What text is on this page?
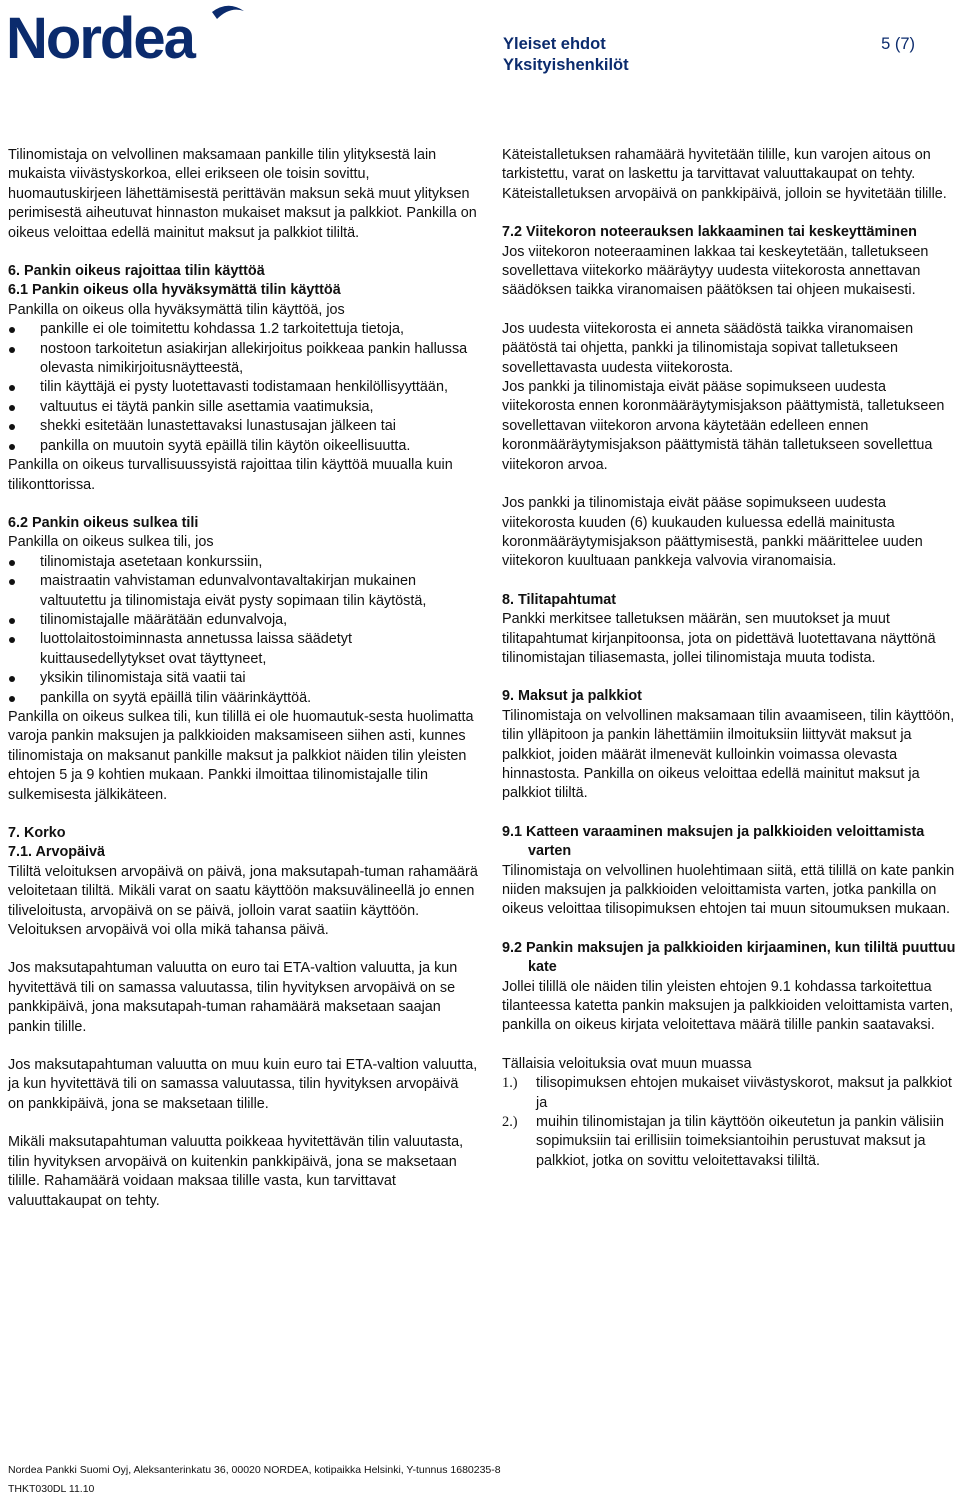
Nordea	Yleiset ehdot	5 (7)
Yksityishenkilöt

Tilinomistaja on velvollinen maksamaan pankille tilin ylityksestä lain mukaista viivästyskorkoa, ellei erikseen ole toisin sovittu, huomautuskirjeen lähettämisestä perittävän maksun sekä muut ylityksen perimisestä aiheutuvat hinnaston mukaiset maksut ja palkkiot. Pankilla on oikeus veloittaa edellä mainitut maksut ja palkkiot tililtä.

6. Pankin oikeus rajoittaa tilin käyttöä

6.1 Pankin oikeus olla hyväksymättä tilin käyttöä

Pankilla on oikeus olla hyväksymättä tilin käyttöä, jos

pankille ei ole toimitettu kohdassa 1.2 tarkoitettuja tietoja,
nostoon tarkoitetun asiakirjan allekirjoitus poikkeaa pankin hallussa olevasta nimikirjoitusnäytteestä,
tilin käyttäjä ei pysty luotettavasti todistamaan henkilöllisyyttään,
valtuutus ei täytä pankin sille asettamia vaatimuksia,
shekki esitetään lunastettavaksi lunastusajan jälkeen tai
pankilla on muutoin syytä epäillä tilin käytön oikeellisuutta.

Pankilla on oikeus turvallisuussyistä rajoittaa tilin käyttöä muualla kuin tilikonttorissa.

6.2 Pankin oikeus sulkea tili

Pankilla on oikeus sulkea tili, jos

tilinomistaja asetetaan konkurssiin,
maistraatin vahvistaman edunvalvontavaltakirjan mukainen valtuutettu ja tilinomistaja eivät pysty sopimaan tilin käytöstä,
tilinomistajalle määrätään edunvalvoja,
luottolaitostoiminnasta annetussa laissa säädetyt kuittausedellytykset ovat täyttyneet,
yksikin tilinomistaja sitä vaatii tai
pankilla on syytä epäillä tilin väärinkäyttöä.

Pankilla on oikeus sulkea tili, kun tilillä ei ole huomautuk-sesta huolimatta varoja pankin maksujen ja palkkioiden maksamiseen siihen asti, kunnes tilinomistaja on maksanut pankille maksut ja palkkiot näiden tilin yleisten ehtojen 5 ja 9 kohtien mukaan. Pankki ilmoittaa tilinomistajalle tilin sulkemisesta jälkikäteen.

7. Korko

7.1. Arvopäivä

Tililtä veloituksen arvopäivä on päivä, jona maksutapah-tuman rahamäärä veloitetaan tililtä. Mikäli varat on saatu käyttöön maksuvälineellä jo ennen tiliveloitusta, arvopäivä on se päivä, jolloin varat saatiin käyttöön. Veloituksen arvopäivä voi olla mikä tahansa päivä.

Jos maksutapahtuman valuutta on euro tai ETA-valtion valuutta, ja kun hyvitettävä tili on samassa valuutassa, tilin hyvityksen arvopäivä on se pankkipäivä, jona maksutapah-tuman rahamäärä maksetaan saajan pankin tilille.

Jos maksutapahtuman valuutta on muu kuin euro tai ETA-valtion valuutta, ja kun hyvitettävä tili on samassa valuutassa, tilin hyvityksen arvopäivä on pankkipäivä, jona se maksetaan tilille.

Mikäli maksutapahtuman valuutta poikkeaa hyvitettävän tilin valuutasta, tilin hyvityksen arvopäivä on kuitenkin pankkipäivä, jona se maksetaan tilille. Rahamäärä voidaan maksaa tilille vasta, kun tarvittavat valuuttakaupat on tehty.

Käteistalletuksen rahamäärä hyvitetään tilille, kun varojen aitous on tarkistettu, varat on laskettu ja tarvittavat valuuttakaupat on tehty. Käteistalletuksen arvopäivä on pankkipäivä, jolloin se hyvitetään tilille.

7.2 Viitekoron noteerauksen lakkaaminen tai keskeyttäminen

Jos viitekoron noteeraaminen lakkaa tai keskeytetään, talletukseen sovellettava viitekorko määräytyy uudesta viitekorosta annettavan säädöksen taikka viranomaisen päätöksen tai ohjeen mukaisesti.

Jos uudesta viitekorosta ei anneta säädöstä taikka viranomaisen päätöstä tai ohjetta, pankki ja tilinomistaja sopivat talletukseen sovellettavasta uudesta viitekorosta.

Jos pankki ja tilinomistaja eivät pääse sopimukseen uudesta viitekorosta ennen koronmääräytymisjakson päättymistä, talletukseen sovellettavan viitekoron arvona käytetään edelleen ennen koronmääräytymisjakson päättymistä tähän talletukseen sovellettua viitekoron arvoa.

Jos pankki ja tilinomistaja eivät pääse sopimukseen uudesta viitekorosta kuuden (6) kuukauden kuluessa edellä mainitusta koronmääräytymisjakson päättymisestä, pankki määrittelee uuden viitekoron kuultuaan pankkeja valvovia viranomaisia.

8. Tilitapahtumat

Pankki merkitsee talletuksen määrän, sen muutokset ja muut tilitapahtumat kirjanpitoonsa, jota on pidettävä luotettavana näyttönä tilinomistajan tiliasemasta, jollei tilinomistaja muuta todista.

9. Maksut ja palkkiot

Tilinomistaja on velvollinen maksamaan tilin avaamiseen, tilin käyttöön, tilin ylläpitoon ja pankin lähettämiin ilmoituksiin liittyvät maksut ja palkkiot, joiden määrät ilmenevät kulloinkin voimassa olevasta hinnastosta. Pankilla on oikeus veloittaa edellä mainitut maksut ja palkkiot tililtä.

9.1 Katteen varaaminen maksujen ja palkkioiden veloittamista varten

Tilinomistaja on velvollinen huolehtimaan siitä, että tilillä on kate pankin niiden maksujen ja palkkioiden veloittamista varten, jotka pankilla on oikeus veloittaa tilisopimuksen ehtojen tai muun sitoumuksen mukaan.

9.2 Pankin maksujen ja palkkioiden kirjaaminen, kun tililtä puuttuu kate

Jollei tilillä ole näiden tilin yleisten ehtojen 9.1 kohdassa tarkoitettua tilanteessa katetta pankin maksujen ja palkkioiden veloittamista varten, pankilla on oikeus kirjata veloitettava määrä tilille pankin saatavaksi.

Tällaisia veloituksia ovat muun muassa

1.) tilisopimuksen ehtojen mukaiset viivästyskorot, maksut ja palkkiot ja
2.) muihin tilinomistajan ja tilin käyttöön oikeutetun ja pankin välisiin sopimuksiin tai erillisiin toimeksiantoihin perustuvat maksut ja palkkiot, jotka on sovittu veloitettavaksi tililtä.
Nordea Pankki Suomi Oyj, Aleksanterinkatu 36, 00020 NORDEA, kotipaikka Helsinki, Y-tunnus 1680235-8
THKT030DL 11.10
